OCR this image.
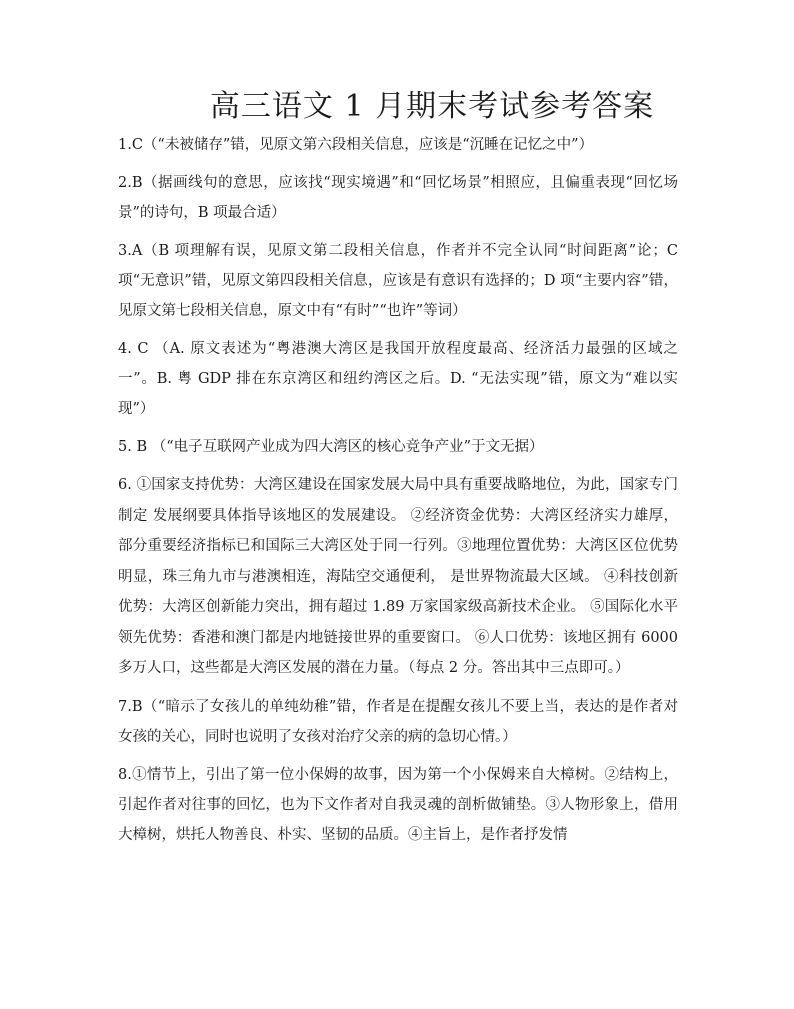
高三语文 1 月期末考试参考答案

1.C（“未被储存”错，见原文第六段相关信息，应该是“沉睡在记忆之中”）

2.B（据画线句的意思，应该找“现实境遇”和“回忆场景”相照应，且偏重表现“回忆场景”的诗句，B 项最合适）

3.A（B 项理解有误，见原文第二段相关信息，作者并不完全认同“时间距离”论；C 项“无意识”错，见原文第四段相关信息，应该是有意识有选择的；D 项“主要内容”错，见原文第七段相关信息，原文中有“有时”“也许”等词）

4. C （A. 原文表述为“粤港澳大湾区是我国开放程度最高、经济活力最强的区域之一”。B. 粤 GDP 排在东京湾区和纽约湾区之后。D. “无法实现”错，原文为“难以实现”）

5. B （“电子互联网产业成为四大湾区的核心竞争产业”于文无据）

6. ①国家支持优势：大湾区建设在国家发展大局中具有重要战略地位，为此，国家专门制定 发展纲要具体指导该地区的发展建设。 ②经济资金优势：大湾区经济实力雄厚，部分重要经济指标已和国际三大湾区处于同一行列。③地理位置优势：大湾区区位优势明显，珠三角九市与港澳相连，海陆空交通便利， 是世界物流最大区域。 ④科技创新优势：大湾区创新能力突出，拥有超过 1.89 万家国家级高新技术企业。 ⑤国际化水平领先优势：香港和澳门都是内地链接世界的重要窗口。 ⑥人口优势：该地区拥有 6000 多万人口，这些都是大湾区发展的潜在力量。（每点 2 分。答出其中三点即可。）

7.B（“暗示了女孩儿的单纯幼稚”错，作者是在提醒女孩儿不要上当，表达的是作者对女孩的关心，同时也说明了女孩对治疗父亲的病的急切心情。）

8.①情节上，引出了第一位小保姆的故事，因为第一个小保姆来自大樟树。②结构上，引起作者对往事的回忆，也为下文作者对自我灵魂的剖析做铺垫。③人物形象上，借用大樟树，烘托人物善良、朴实、坚韧的品质。④主旨上，是作者抒发情
